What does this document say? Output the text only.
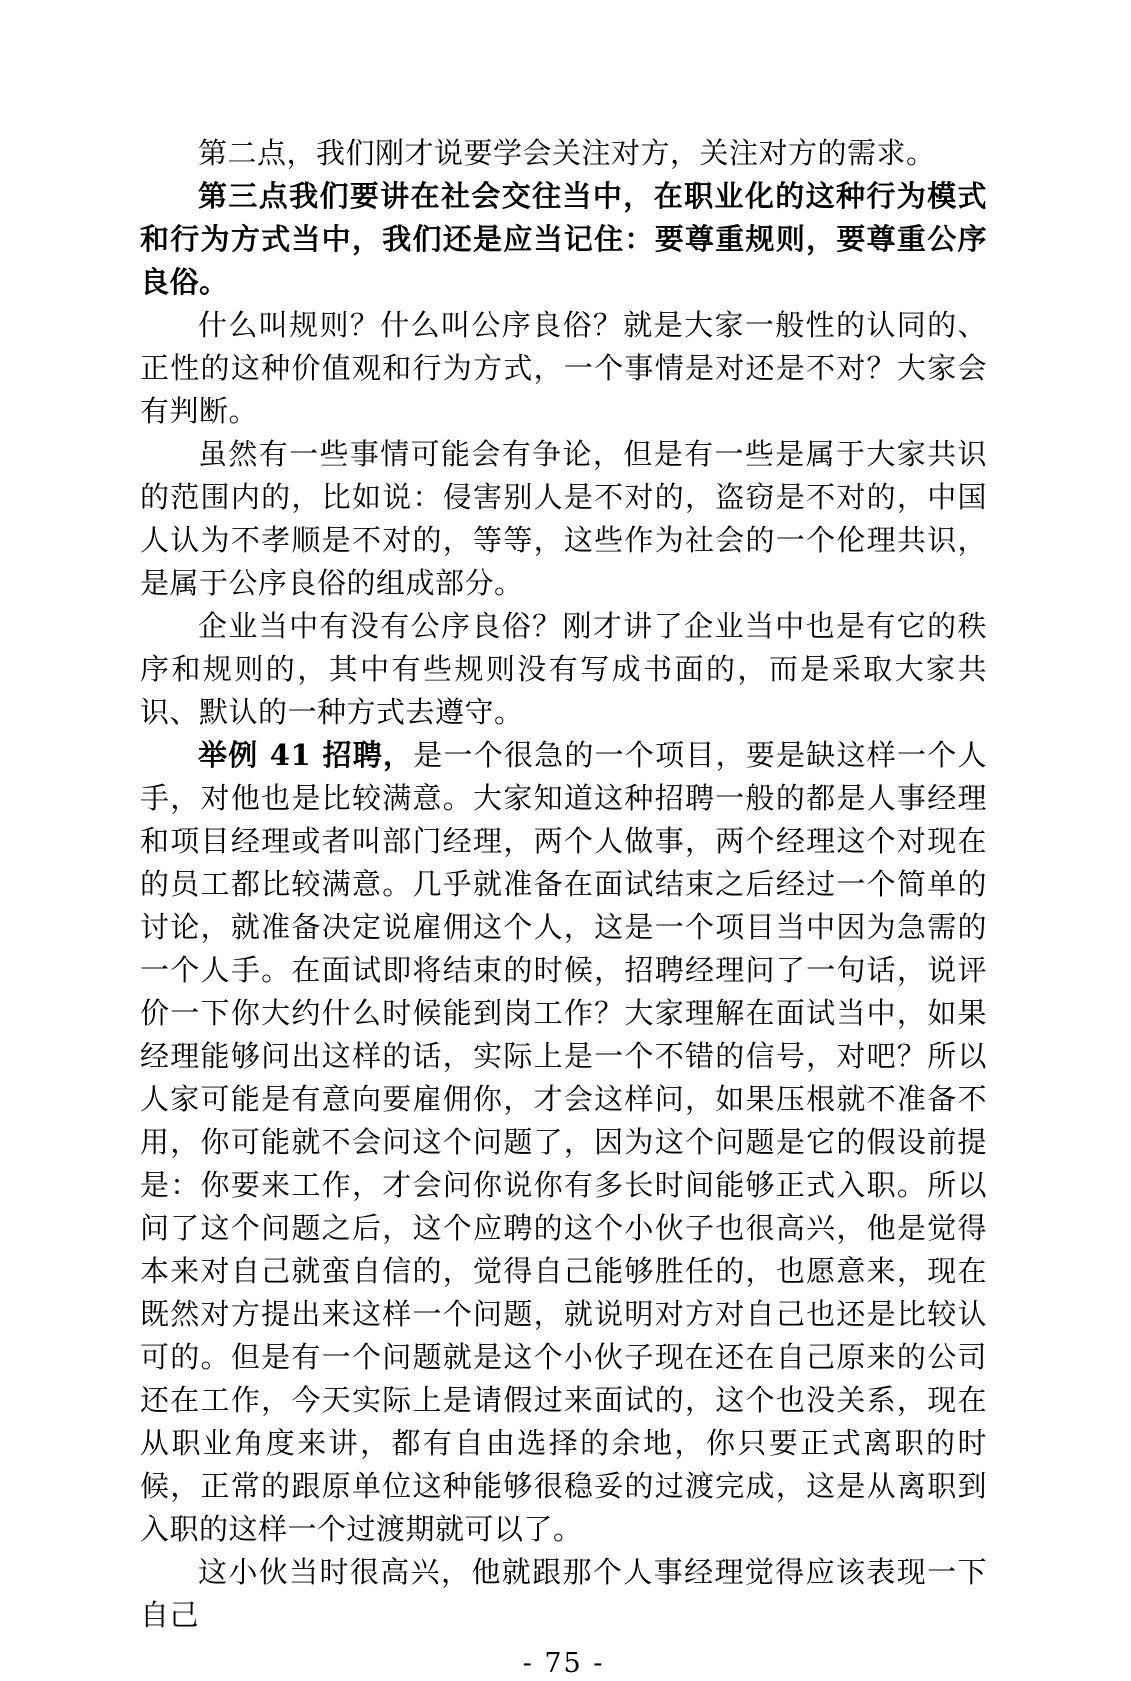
第二点，我们刚才说要学会关注对方，关注对方的需求。

第三点我们要讲在社会交往当中，在职业化的这种行为模式和行为方式当中，我们还是应当记住：要尊重规则，要尊重公序良俗。

什么叫规则？什么叫公序良俗？就是大家一般性的认同的、正性的这种价值观和行为方式，一个事情是对还是不对？大家会有判断。

虽然有一些事情可能会有争论，但是有一些是属于大家共识的范围内的，比如说：侵害别人是不对的，盗窃是不对的，中国人认为不孝顺是不对的，等等，这些作为社会的一个伦理共识，是属于公序良俗的组成部分。

企业当中有没有公序良俗？刚才讲了企业当中也是有它的秩序和规则的，其中有些规则没有写成书面的，而是采取大家共识、默认的一种方式去遵守。

举例 41 招聘，是一个很急的一个项目，要是缺这样一个人手，对他也是比较满意。大家知道这种招聘一般的都是人事经理和项目经理或者叫部门经理，两个人做事，两个经理这个对现在的员工都比较满意。几乎就准备在面试结束之后经过一个简单的讨论，就准备决定说雇佣这个人，这是一个项目当中因为急需的一个人手。在面试即将结束的时候，招聘经理问了一句话，说评价一下你大约什么时候能到岗工作？大家理解在面试当中，如果经理能够问出这样的话，实际上是一个不错的信号，对吧？所以人家可能是有意向要雇佣你，才会这样问，如果压根就不准备不用，你可能就不会问这个问题了，因为这个问题是它的假设前提是：你要来工作，才会问你说你有多长时间能够正式入职。所以问了这个问题之后，这个应聘的这个小伙子也很高兴，他是觉得本来对自己就蛮自信的，觉得自己能够胜任的，也愿意来，现在既然对方提出来这样一个问题，就说明对方对自己也还是比较认可的。但是有一个问题就是这个小伙子现在还在自己原来的公司还在工作，今天实际上是请假过来面试的，这个也没关系，现在从职业角度来讲，都有自由选择的余地，你只要正式离职的时候，正常的跟原单位这种能够很稳妥的过渡完成，这是从离职到入职的这样一个过渡期就可以了。

这小伙当时很高兴，他就跟那个人事经理觉得应该表现一下自己

- 75 -
